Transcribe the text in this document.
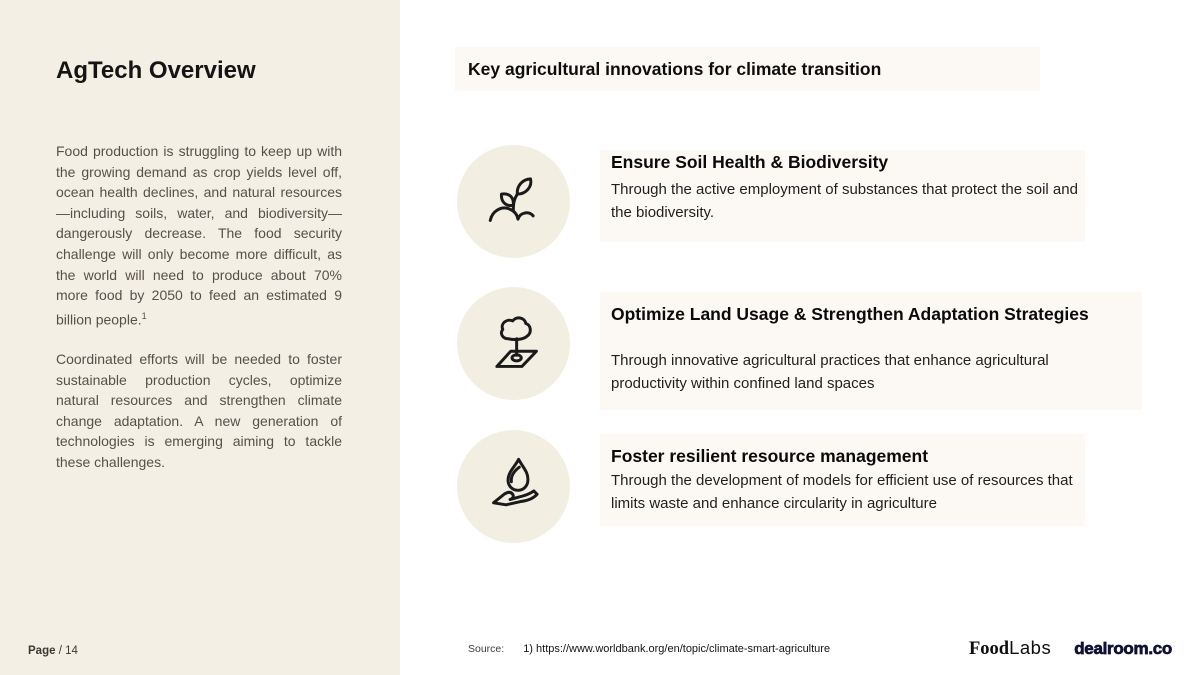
AgTech Overview

Food production is struggling to keep up with the growing demand as crop yields level off, ocean health declines, and natural resources—including soils, water, and biodiversity—dangerously decrease. The food security challenge will only become more difficult, as the world will need to produce about 70% more food by 2050 to feed an estimated 9 billion people.$^1$

Coordinated efforts will be needed to foster sustainable production cycles, optimize natural resources and strengthen climate change adaptation. A new generation of technologies is emerging aiming to tackle these challenges.

Page / 14
Key agricultural innovations for climate transition
Ensure Soil Health & Biodiversity
Through the active employment of substances that protect the soil and the biodiversity.
Optimize Land Usage & Strengthen Adaptation Strategies
Through innovative agricultural practices that enhance agricultural productivity within confined land spaces
Foster resilient resource management
Through the development of models for efficient use of resources that limits waste and enhance circularity in agriculture
Source: 1) https://www.worldbank.org/en/topic/climate-smart-agriculture	FoodLabs dealroom.co
